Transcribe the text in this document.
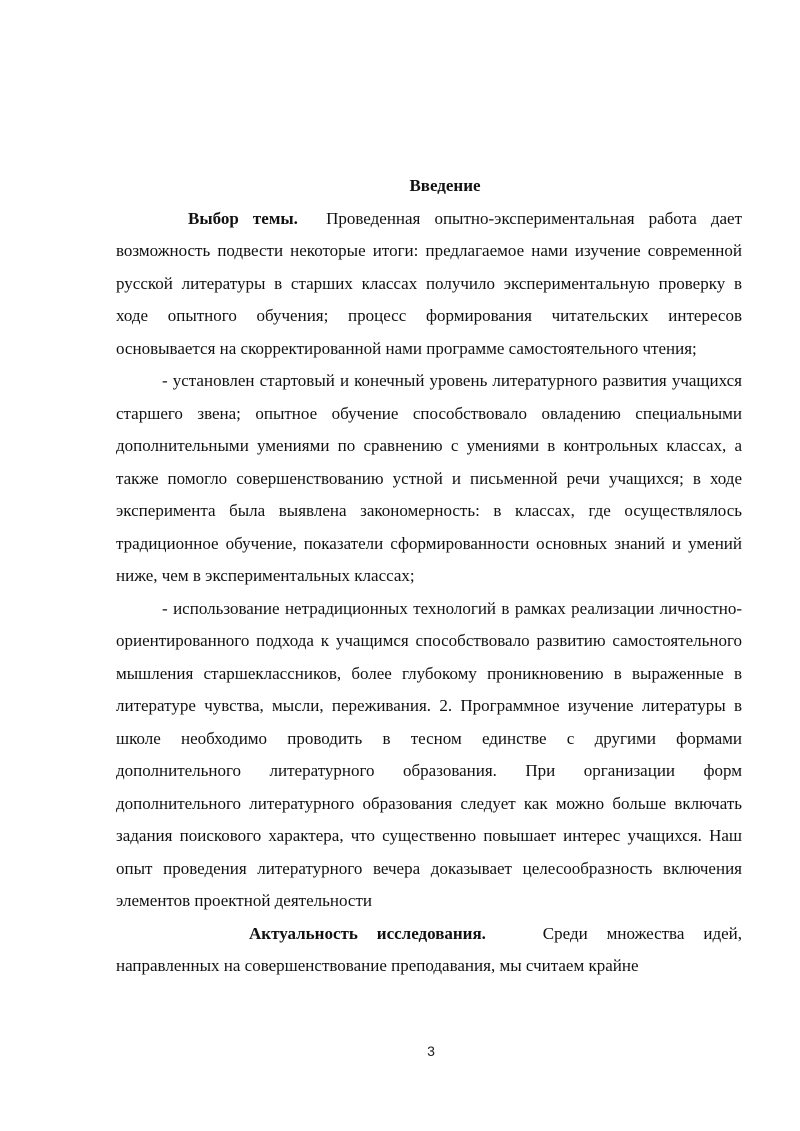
Введение

Выбор темы. Проведенная опытно-экспериментальная работа дает возможность подвести некоторые итоги: предлагаемое нами изучение современной русской литературы в старших классах получило экспериментальную проверку в ходе опытного обучения; процесс формирования читательских интересов основывается на скорректированной нами программе самостоятельного чтения;

- установлен стартовый и конечный уровень литературного развития учащихся старшего звена; опытное обучение способствовало овладению специальными дополнительными умениями по сравнению с умениями в контрольных классах, а также помогло совершенствованию устной и письменной речи учащихся; в ходе эксперимента была выявлена закономерность: в классах, где осуществлялось традиционное обучение, показатели сформированности основных знаний и умений ниже, чем в экспериментальных классах;

- использование нетрадиционных технологий в рамках реализации личностно-ориентированного подхода к учащимся способствовало развитию самостоятельного мышления старшеклассников, более глубокому проникновению в выраженные в литературе чувства, мысли, переживания. 2. Программное изучение литературы в школе необходимо проводить в тесном единстве с другими формами дополнительного литературного образования. При организации форм дополнительного литературного образования следует как можно больше включать задания поискового характера, что существенно повышает интерес учащихся. Наш опыт проведения литературного вечера доказывает целесообразность включения элементов проектной деятельности

Актуальность исследования.	Среди множества идей, направленных на совершенствование преподавания, мы считаем крайне

3
